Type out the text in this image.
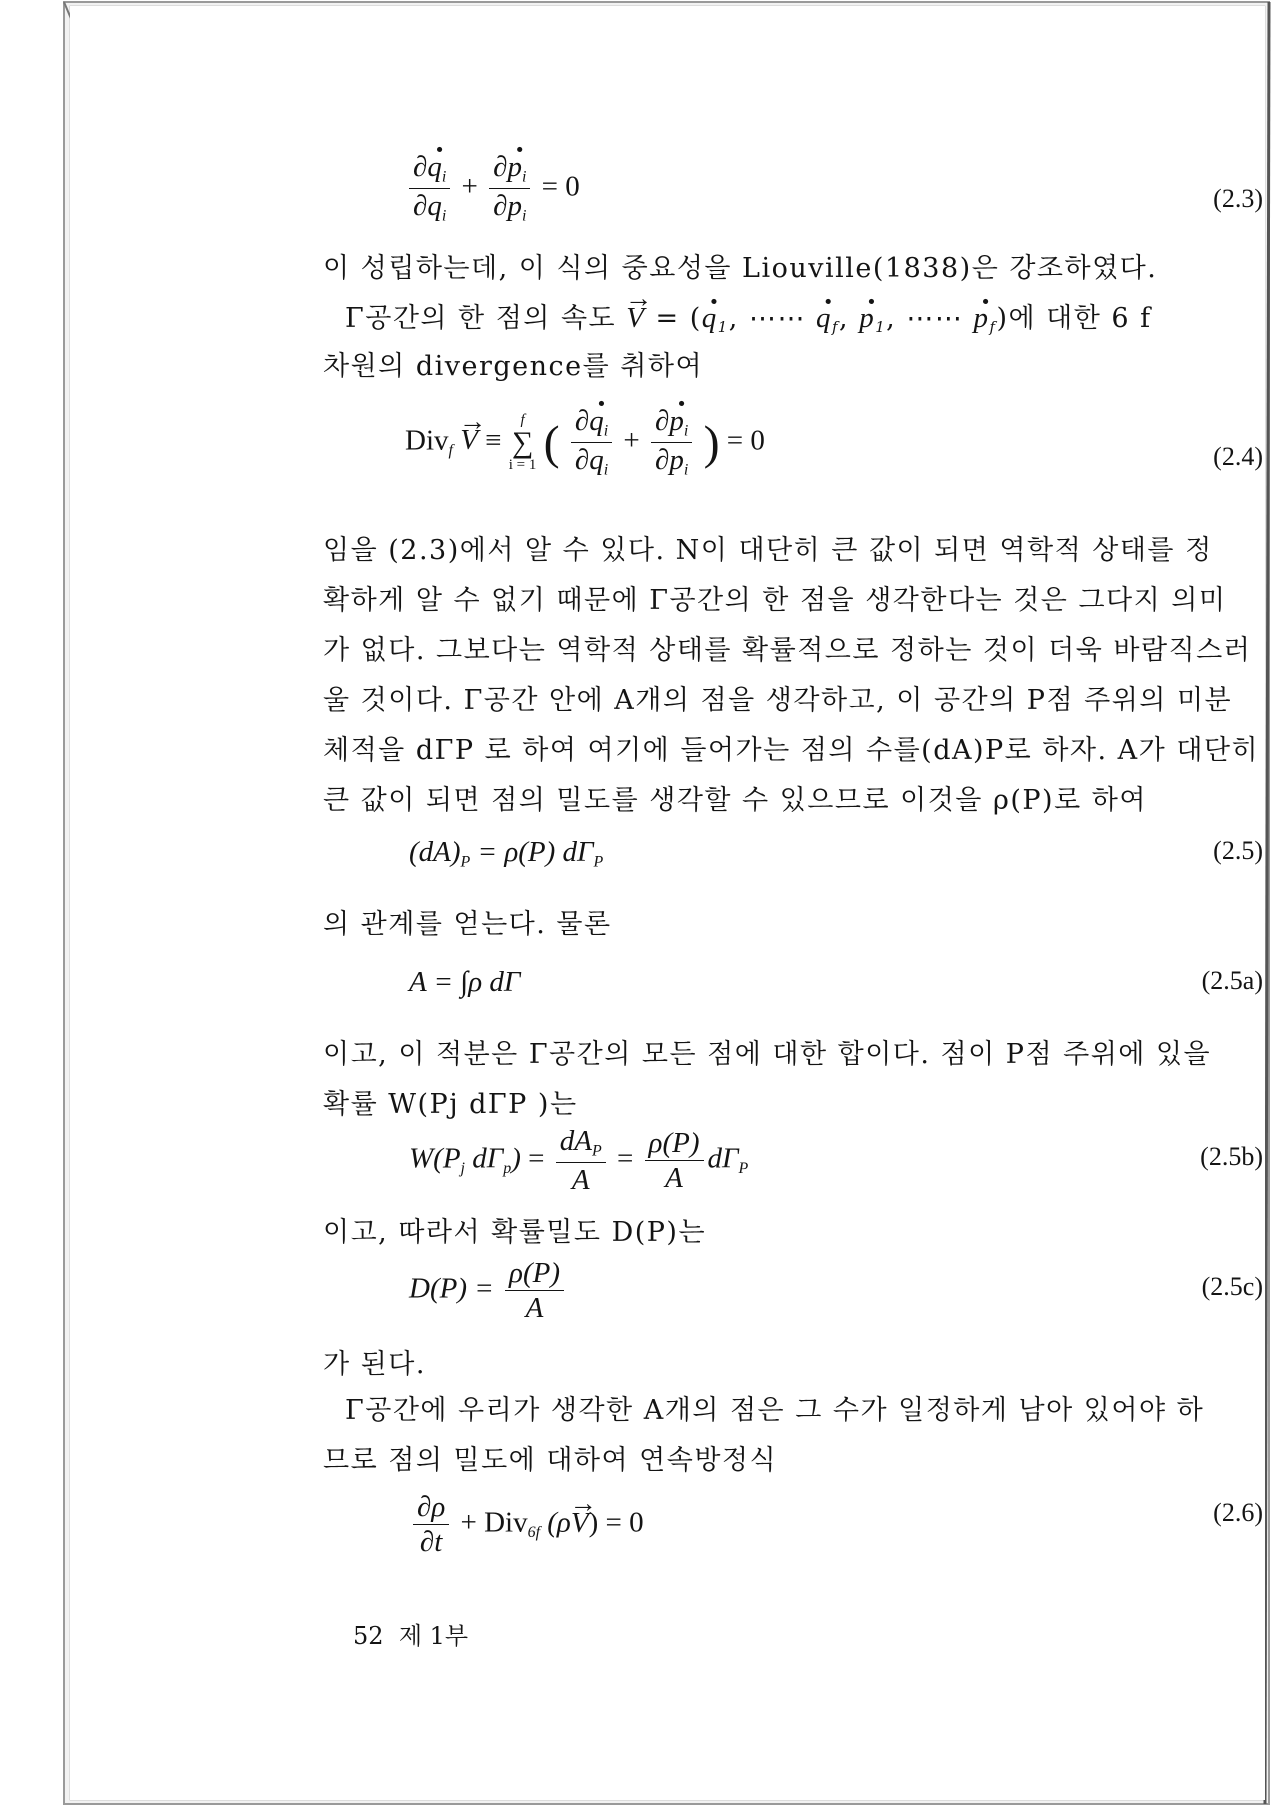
$\frac{\partial\cdot q_i}{\partial q_i} + \frac{\partial\cdot p_i}{\partial p_i} = 0$	(2.3)
이 성립하는데, 이 식의 중요성을 Liouville(1838)은 강조하였다.
Γ공간의 한 점의 속도 → V = (· $q_1$, ⋯⋯ · $q_f$, · $p_1$, ⋯⋯ · $p_f$)에 대한 6 f
차원의 divergence를 취하여
Div$_f$ → V ≡
f
∑
i = 1 ( $\frac{\partial\cdot q_i}{\partial q_i} + \frac{\partial\cdot p_i}{\partial p_i}$ ) = 0
(2.4)
임을 (2.3)에서 알 수 있다. N이 대단히 큰 값이 되면 역학적 상태를 정
확하게 알 수 없기 때문에 Γ공간의 한 점을 생각한다는 것은 그다지 의미
가 없다. 그보다는 역학적 상태를 확률적으로 정하는 것이 더욱 바람직스러
울 것이다. Γ공간 안에 A개의 점을 생각하고, 이 공간의 P점 주위의 미분
체적을 dΓP 로 하여 여기에 들어가는 점의 수를(dA)P로 하자. A가 대단히
큰 값이 되면 점의 밀도를 생각할 수 있으므로 이것을 ρ(P)로 하여
$(dA)_P = \rho(P)$ $d\Gamma_P$	(2.5)
의 관계를 얻는다. 물론
A = ∫ρ dΓ	(2.5a)
이고, 이 적분은 Γ공간의 모든 점에 대한 합이다. 점이 P점 주위에 있을
확률 W(Pj dΓP )는
$W(P_j$ $d\Gamma_p) = \frac{dA_P}{A} = \frac{\rho(P)}{A} d\Gamma_P$	(2.5b)
이고, 따라서 확률밀도 D(P)는
$D(P) = \frac{\rho(P)}{A}$	(2.5c)
가 된다.
Γ공간에 우리가 생각한 A개의 점은 그 수가 일정하게 남아 있어야 하
므로 점의 밀도에 대하여 연속방정식
$\frac{\partial\rho}{\partial t} + Div_{6f}$ (ρ→ V) = 0	(2.6)
52 제 1부
